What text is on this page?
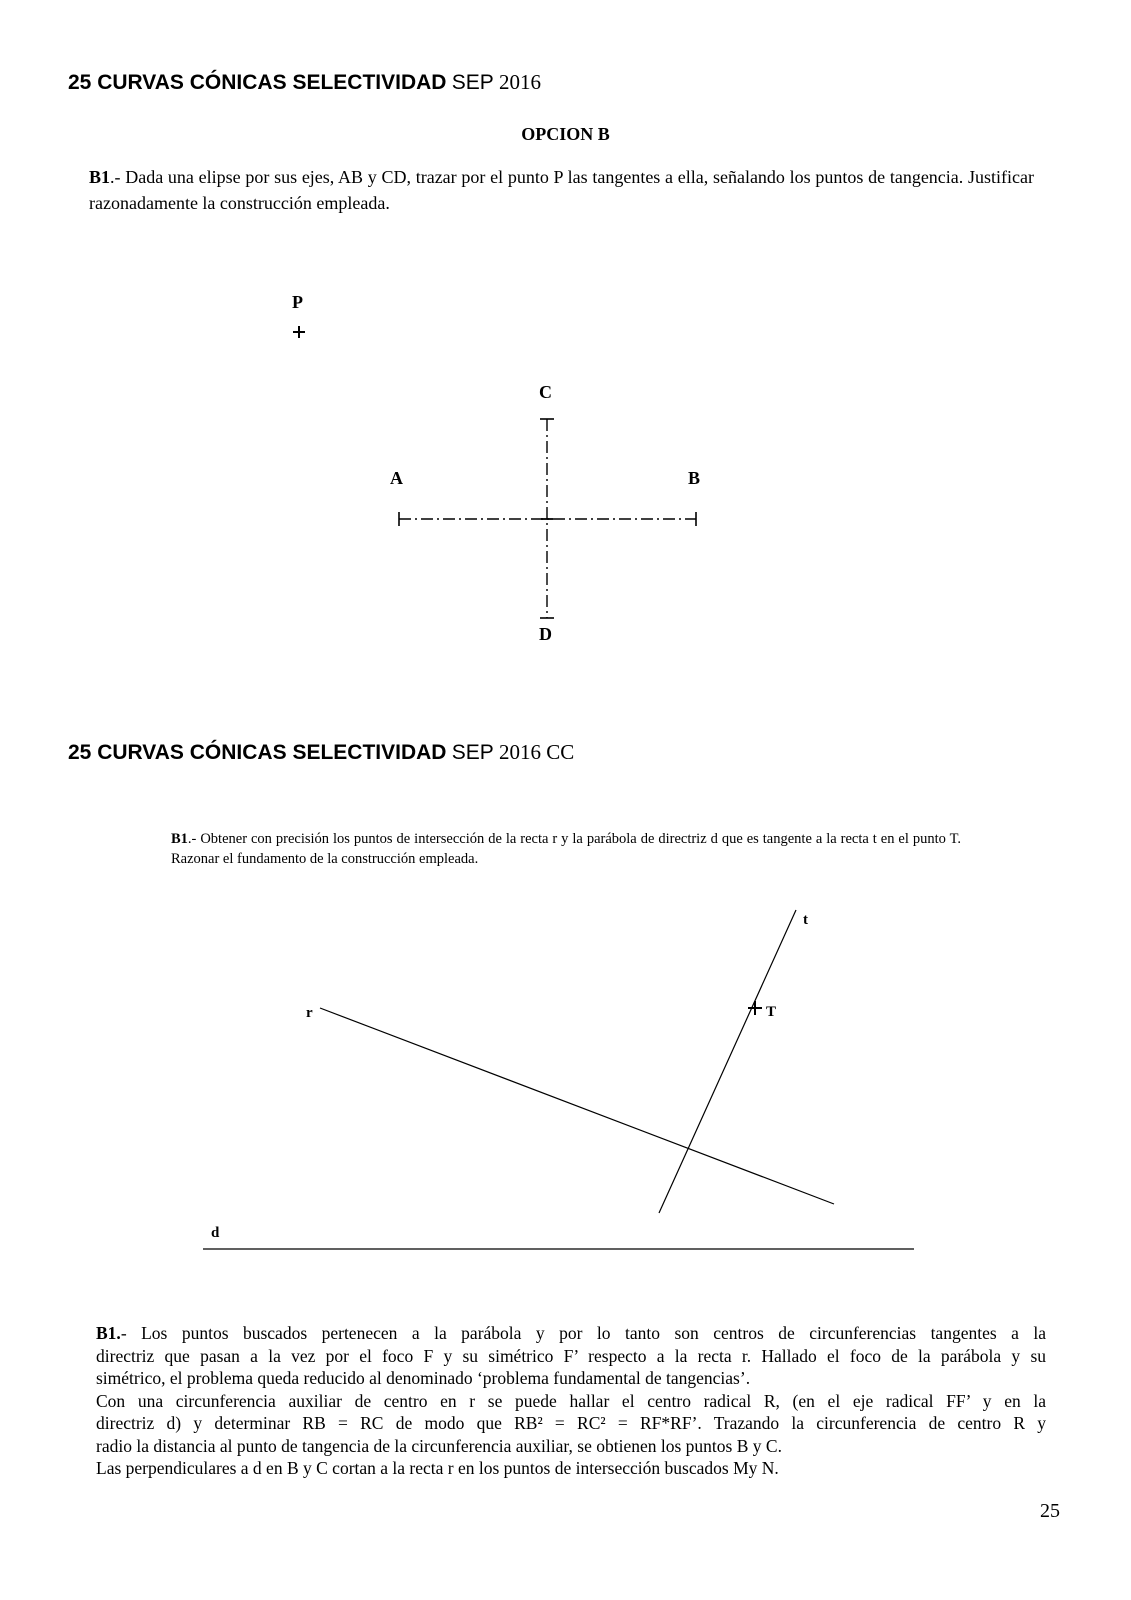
25 CURVAS CÓNICAS SELECTIVIDAD SEP 2016
OPCION B
B1.- Dada una elipse por sus ejes, AB y CD, trazar por el punto P las tangentes a ella, señalando los puntos de tangencia. Justificar razonadamente la construcción empleada.
P
C
A	B
D
25 CURVAS CÓNICAS SELECTIVIDAD SEP 2016 CC
B1.- Obtener con precisión los puntos de intersección de la recta r y la parábola de directriz d que es tangente a la recta t en el punto T. Razonar el fundamento de la construcción empleada.
t
r	T
d
B1.- Los puntos buscados pertenecen a la parábola y por lo tanto son centros de circunferencias tangentes a la
directriz que pasan a la vez por el foco F y su simétrico F’ respecto a la recta r. Hallado el foco de la parábola y su
simétrico, el problema queda reducido al denominado ‘problema fundamental de tangencias’.
Con una circunferencia auxiliar de centro en r se puede hallar el centro radical R, (en el eje radical FF’ y en la
directriz d) y determinar RB = RC de modo que RB² = RC² = RF*RF’. Trazando la circunferencia de centro R y
radio la distancia al punto de tangencia de la circunferencia auxiliar, se obtienen los puntos B y C.
Las perpendiculares a d en B y C cortan a la recta r en los puntos de intersección buscados My N.
25
